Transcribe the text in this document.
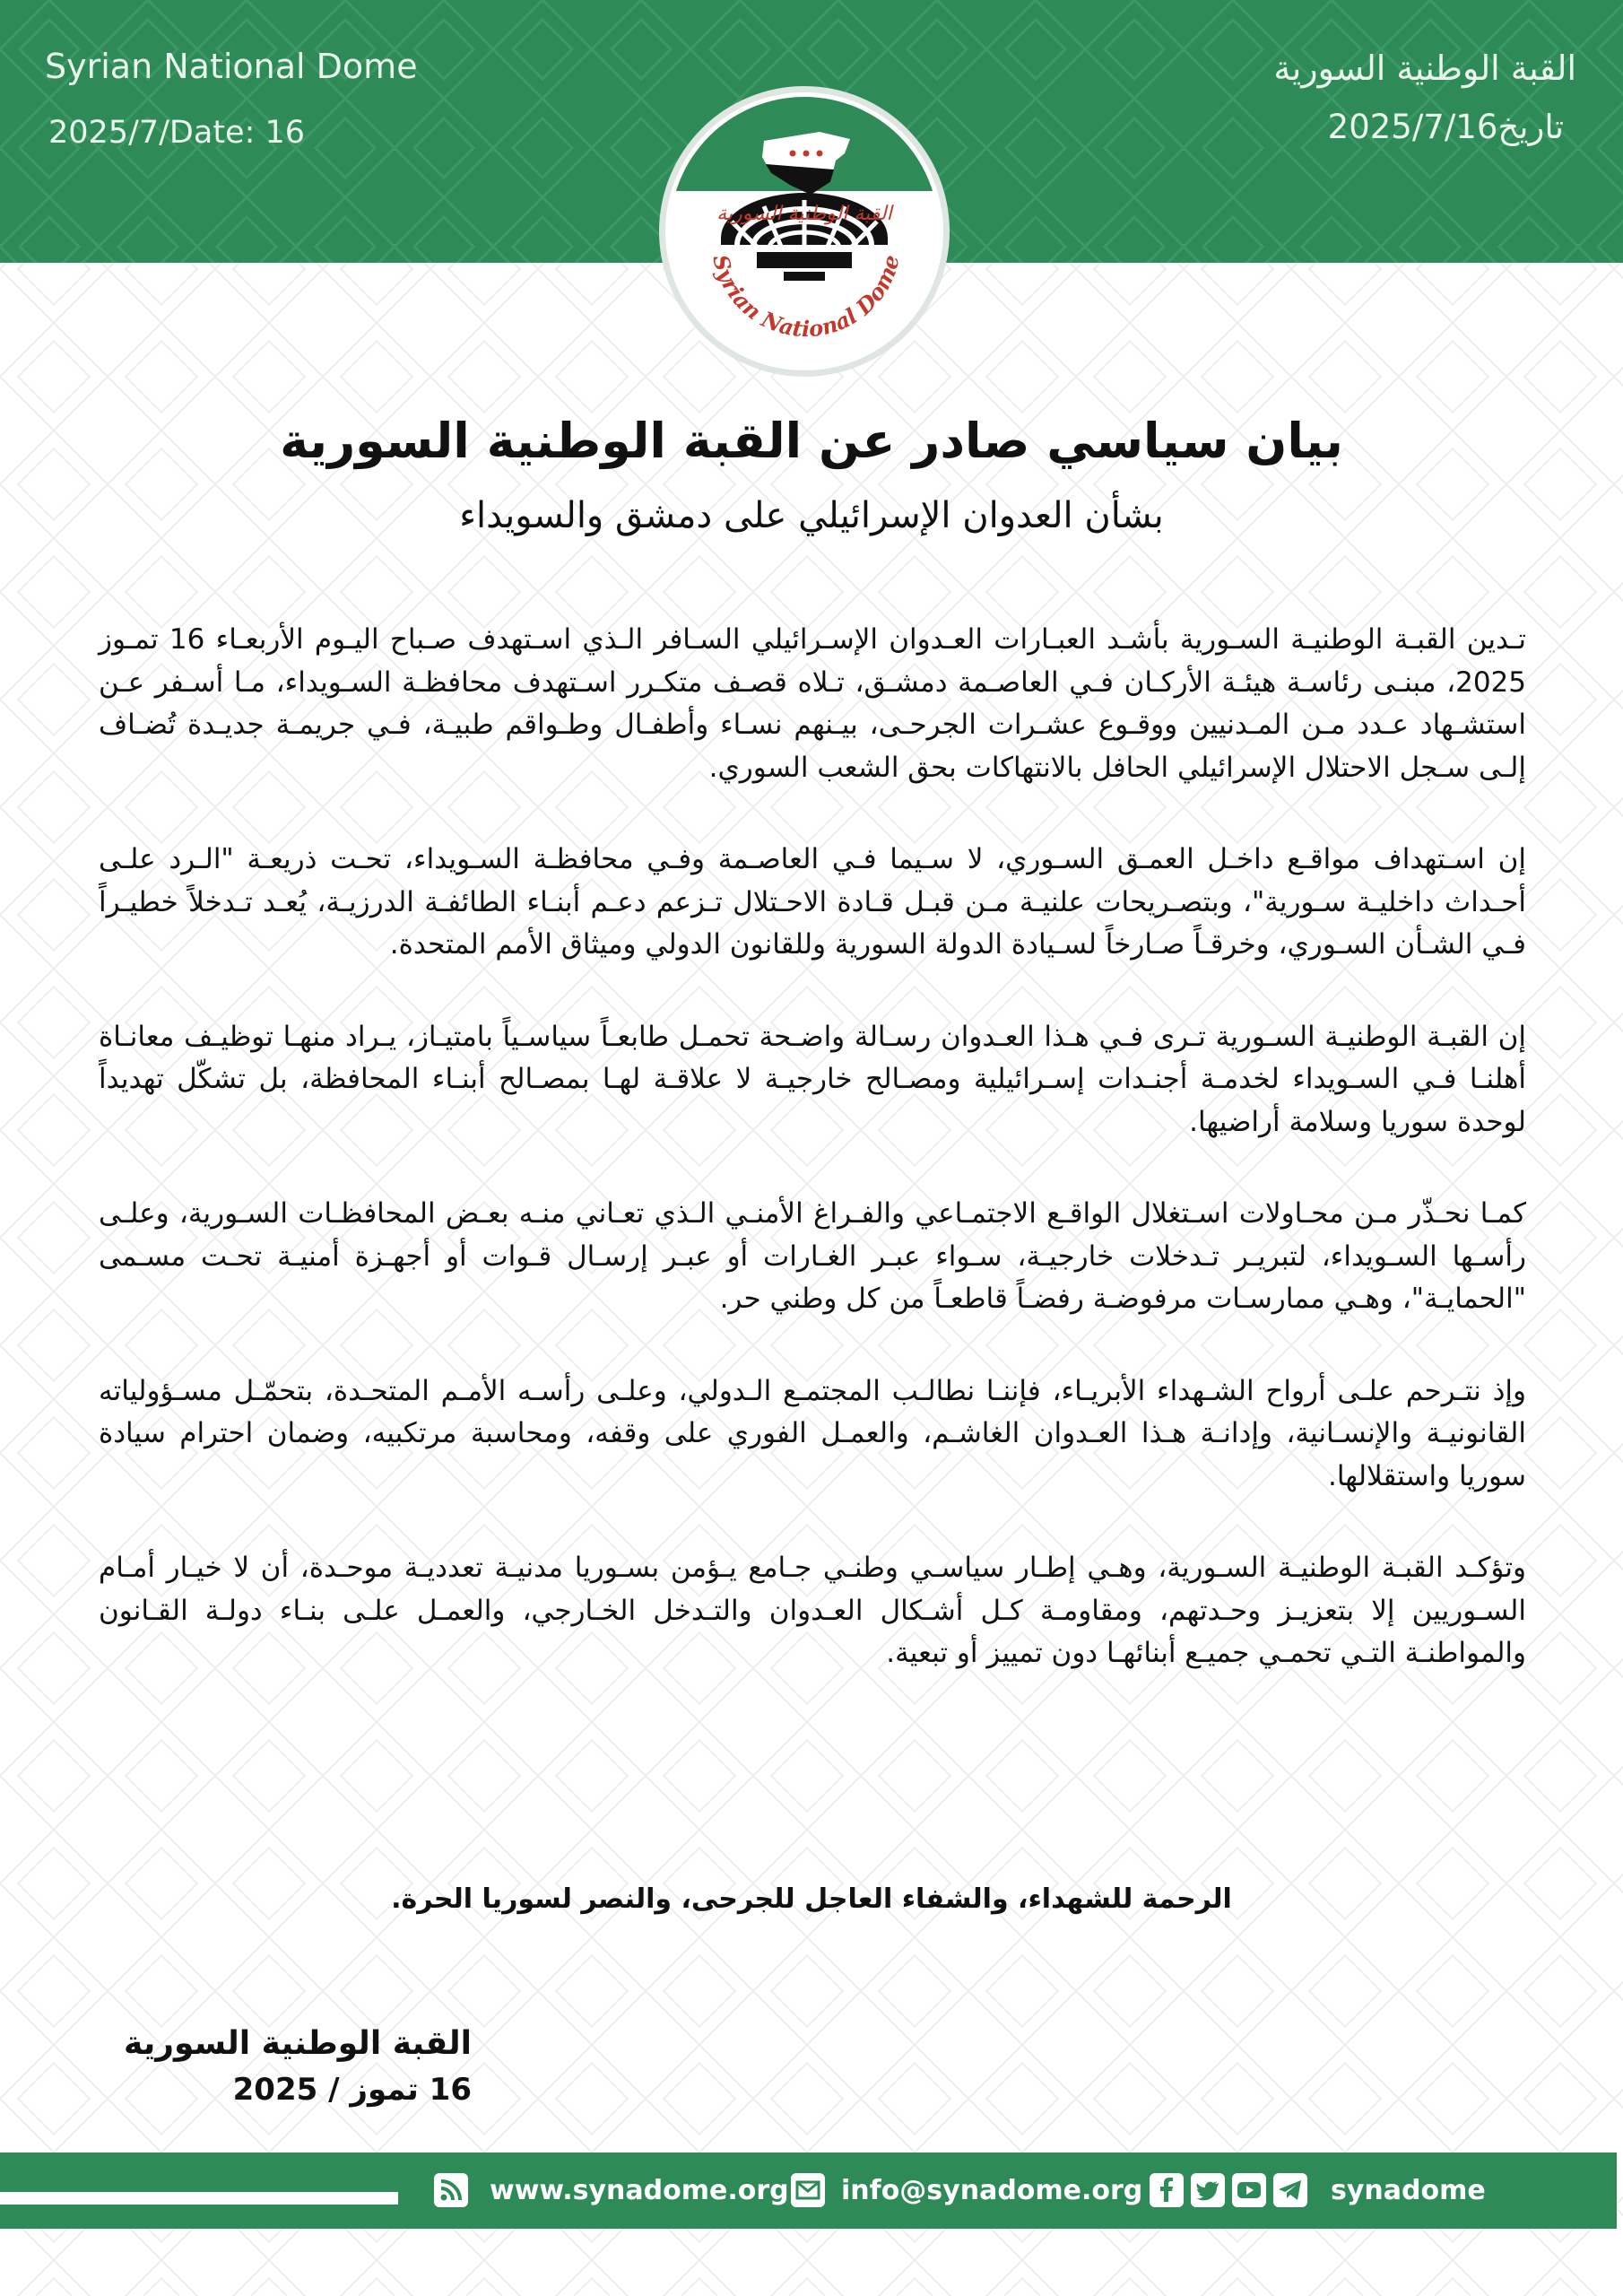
Syrian National Dome
2025/7/Date: 16
القبة الوطنية السورية
تاريخ2025/7/16
القبة الوطنية السورية
Syrian National Dome
بيان سياسي صادر عن القبة الوطنية السورية
بشأن العدوان الإسرائيلي على دمشق والسويداء

تـدين القبـة الوطنيـة السـورية بأشـد العبـارات العـدوان الإسـرائيلي السـافر الـذي اسـتهدف صـباح اليـوم الأربعـاء 16 تمـوز 2025، مبنـى رئاسـة هيئـة الأركـان فـي العاصـمة دمشـق، تـلاه قصـف متكـرر اسـتهدف محافظـة السـويداء، مـا أسـفر عـن استشـهاد عـدد مـن المـدنيين ووقـوع عشـرات الجرحـى، بيـنهم نسـاء وأطفـال وطـواقم طبيـة، فـي جريمـة جديـدة تُضـاف إلـى سـجل الاحتلال الإسرائيلي الحافل بالانتهاكات بحق الشعب السوري.

إن اسـتهداف مواقـع داخـل العمـق السـوري، لا سـيما فـي العاصـمة وفـي محافظـة السـويداء، تحـت ذريعـة "الـرد علـى أحـداث داخليـة سـورية"، وبتصـريحات علنيـة مـن قبـل قـادة الاحـتلال تـزعم دعـم أبنـاء الطائفـة الدرزيـة، يُعـد تـدخلاً خطيـراً فـي الشـأن السـوري، وخرقـاً صـارخاً لسـيادة الدولة السورية وللقانون الدولي وميثاق الأمم المتحدة.

إن القبـة الوطنيـة السـورية تـرى فـي هـذا العـدوان رسـالة واضـحة تحمـل طابعـاً سياسـياً بامتيـاز، يـراد منهـا توظيـف معانـاة أهلنـا فـي السـويداء لخدمـة أجنـدات إسـرائيلية ومصـالح خارجيـة لا علاقـة لهـا بمصـالح أبنـاء المحافظة، بل تشكّل تهديداً لوحدة سوريا وسلامة أراضيها.

كمـا نحـذّر مـن محـاولات اسـتغلال الواقـع الاجتمـاعي والفـراغ الأمنـي الـذي تعـاني منـه بعـض المحافظـات السـورية، وعلـى رأسـها السـويداء، لتبريـر تـدخلات خارجيـة، سـواء عبـر الغـارات أو عبـر إرسـال قـوات أو أجهـزة أمنيـة تحـت مسـمى "الحمايـة"، وهـي ممارسـات مرفوضـة رفضـاً قاطعـاً من كل وطني حر.

وإذ نتـرحم علـى أرواح الشـهداء الأبريـاء، فإننـا نطالـب المجتمـع الـدولي، وعلـى رأسـه الأمـم المتحـدة، بتحمّـل مسـؤولياته القانونيـة والإنسـانية، وإدانـة هـذا العـدوان الغاشـم، والعمـل الفوري على وقفه، ومحاسبة مرتكبيه، وضمان احترام سيادة سوريا واستقلالها.

وتؤكـد القبـة الوطنيـة السـورية، وهـي إطـار سياسـي وطنـي جـامع يـؤمن بسـوريا مدنيـة تعدديـة موحـدة، أن لا خيـار أمـام السـوريين إلا بتعزيـز وحـدتهم، ومقاومـة كـل أشـكال العـدوان والتـدخل الخـارجي، والعمـل علـى بنـاء دولـة القـانون والمواطنـة التـي تحمـي جميـع أبنائهـا دون تمييز أو تبعية.

الرحمة للشهداء، والشفاء العاجل للجرحى، والنصر لسوريا الحرة.
القبة الوطنية السورية
16 تموز / 2025
www.synadome.org info@synadome.org	synadome
